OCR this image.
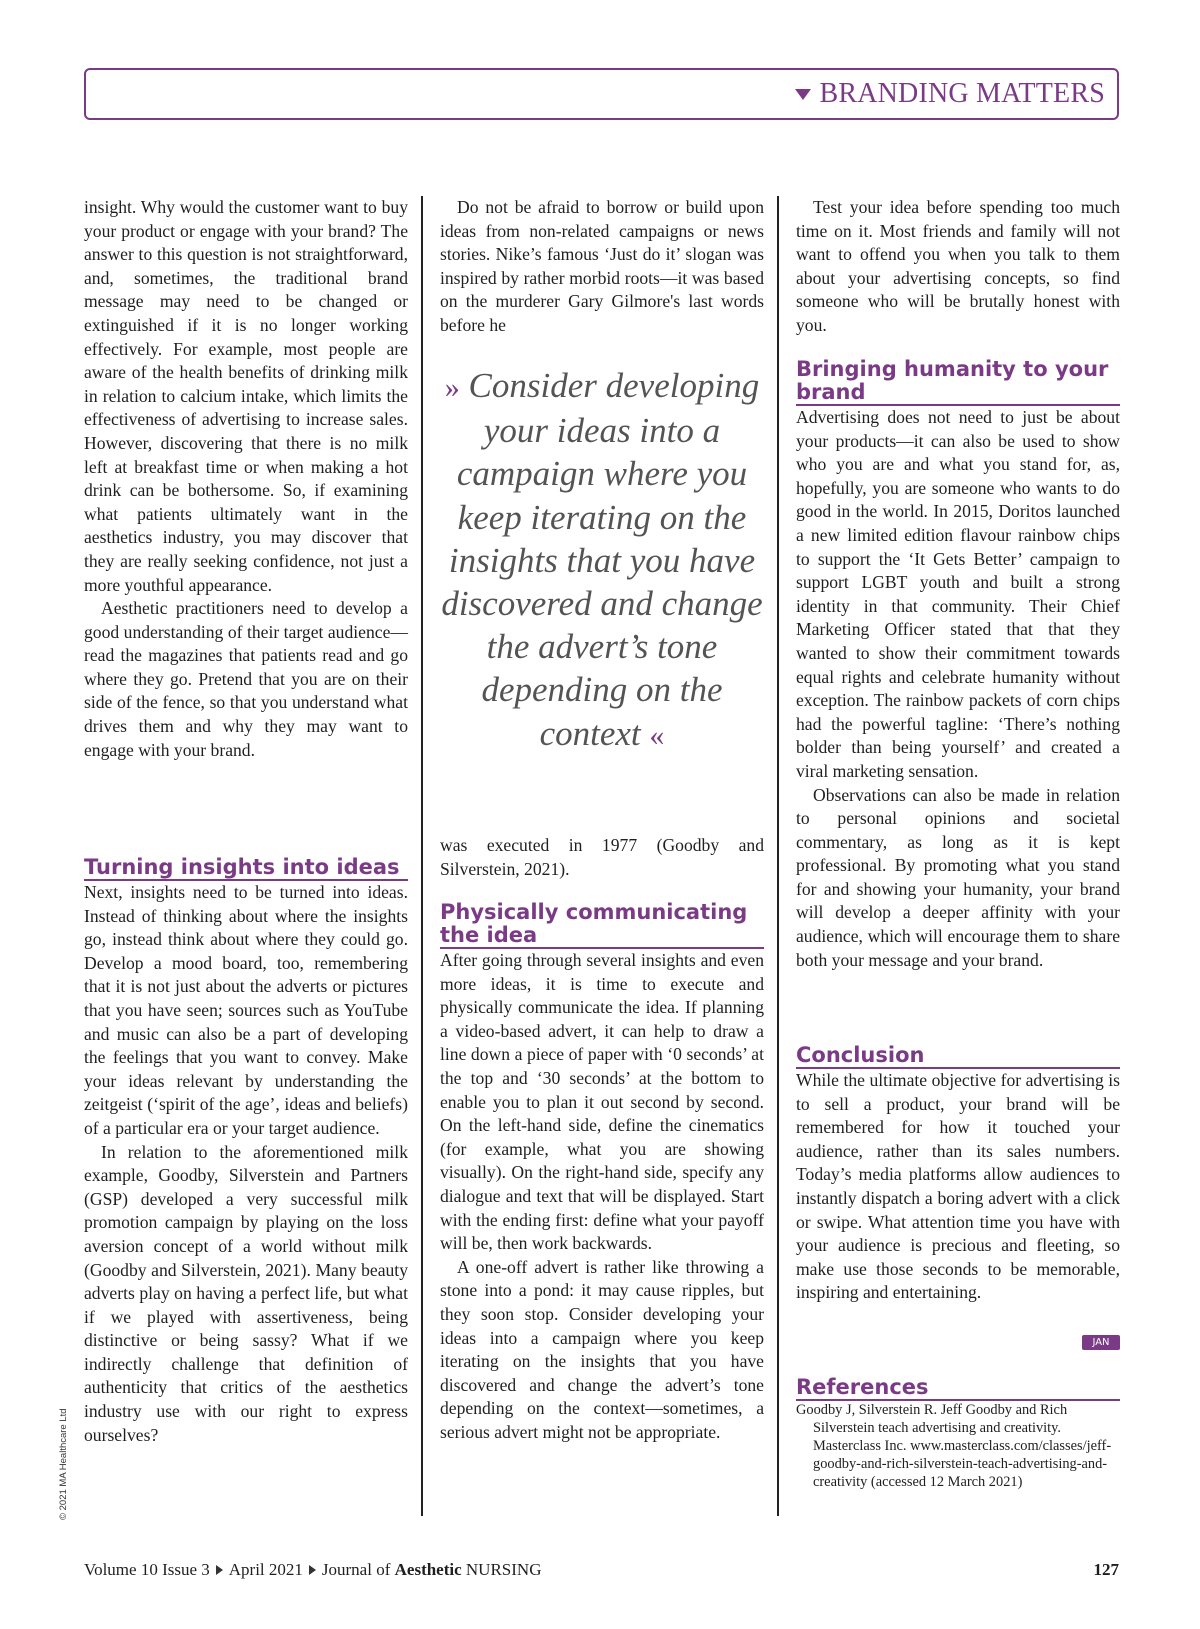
BRANDING MATTERS

insight. Why would the customer want to buy your product or engage with your brand? The answer to this question is not straightforward, and, sometimes, the traditional brand message may need to be changed or extinguished if it is no longer working effectively. For example, most people are aware of the health benefits of drinking milk in relation to calcium intake, which limits the effectiveness of advertising to increase sales. However, discovering that there is no milk left at breakfast time or when making a hot drink can be bothersome. So, if examining what patients ultimately want in the aesthetics industry, you may discover that they are really seeking confidence, not just a more youthful appearance.

Aesthetic practitioners need to develop a good understanding of their target audience—read the magazines that patients read and go where they go. Pretend that you are on their side of the fence, so that you understand what drives them and why they may want to engage with your brand.

Turning insights into ideas

Next, insights need to be turned into ideas. Instead of thinking about where the insights go, instead think about where they could go. Develop a mood board, too, remembering that it is not just about the adverts or pictures that you have seen; sources such as YouTube and music can also be a part of developing the feelings that you want to convey. Make your ideas relevant by understanding the zeitgeist (‘spirit of the age’, ideas and beliefs) of a particular era or your target audience.

In relation to the aforementioned milk example, Goodby, Silverstein and Partners (GSP) developed a very successful milk promotion campaign by playing on the loss aversion concept of a world without milk (Goodby and Silverstein, 2021). Many beauty adverts play on having a perfect life, but what if we played with assertiveness, being distinctive or being sassy? What if we indirectly challenge that definition of authenticity that critics of the aesthetics industry use with our right to express ourselves?

Do not be afraid to borrow or build upon ideas from non-related campaigns or news stories. Nike’s famous ‘Just do it’ slogan was inspired by rather morbid roots—it was based on the murderer Gary Gilmore's last words before he

» Consider developing your ideas into a campaign where you keep iterating on the insights that you have discovered and change the advert’s tone depending on the context «

was executed in 1977 (Goodby and Silverstein, 2021).

Physically communicating the idea

After going through several insights and even more ideas, it is time to execute and physically communicate the idea. If planning a video-based advert, it can help to draw a line down a piece of paper with ‘0 seconds’ at the top and ‘30 seconds’ at the bottom to enable you to plan it out second by second. On the left-hand side, define the cinematics (for example, what you are showing visually). On the right-hand side, specify any dialogue and text that will be displayed. Start with the ending first: define what your payoff will be, then work backwards.

A one-off advert is rather like throwing a stone into a pond: it may cause ripples, but they soon stop. Consider developing your ideas into a campaign where you keep iterating on the insights that you have discovered and change the advert’s tone depending on the context—sometimes, a serious advert might not be appropriate.

Test your idea before spending too much time on it. Most friends and family will not want to offend you when you talk to them about your advertising concepts, so find someone who will be brutally honest with you.

Bringing humanity to your brand

Advertising does not need to just be about your products—it can also be used to show who you are and what you stand for, as, hopefully, you are someone who wants to do good in the world. In 2015, Doritos launched a new limited edition flavour rainbow chips to support the ‘It Gets Better’ campaign to support LGBT youth and built a strong identity in that community. Their Chief Marketing Officer stated that that they wanted to show their commitment towards equal rights and celebrate humanity without exception. The rainbow packets of corn chips had the powerful tagline: ‘There’s nothing bolder than being yourself’ and created a viral marketing sensation.

Observations can also be made in relation to personal opinions and societal commentary, as long as it is kept professional. By promoting what you stand for and showing your humanity, your brand will develop a deeper affinity with your audience, which will encourage them to share both your message and your brand.

Conclusion

While the ultimate objective for advertising is to sell a product, your brand will be remembered for how it touched your audience, rather than its sales numbers. Today’s media platforms allow audiences to instantly dispatch a boring advert with a click or swipe. What attention time you have with your audience is precious and fleeting, so make use those seconds to be memorable, inspiring and entertaining.

JAN
References

Goodby J, Silverstein R. Jeff Goodby and Rich Silverstein teach advertising and creativity. Masterclass Inc. www.masterclass.com/classes/jeff-goodby-and-rich-silverstein-teach-advertising-and-creativity (accessed 12 March 2021)

© 2021 MA Healthcare Ltd
Volume 10 Issue 3 April 2021 Journal of Aesthetic NURSING	127
